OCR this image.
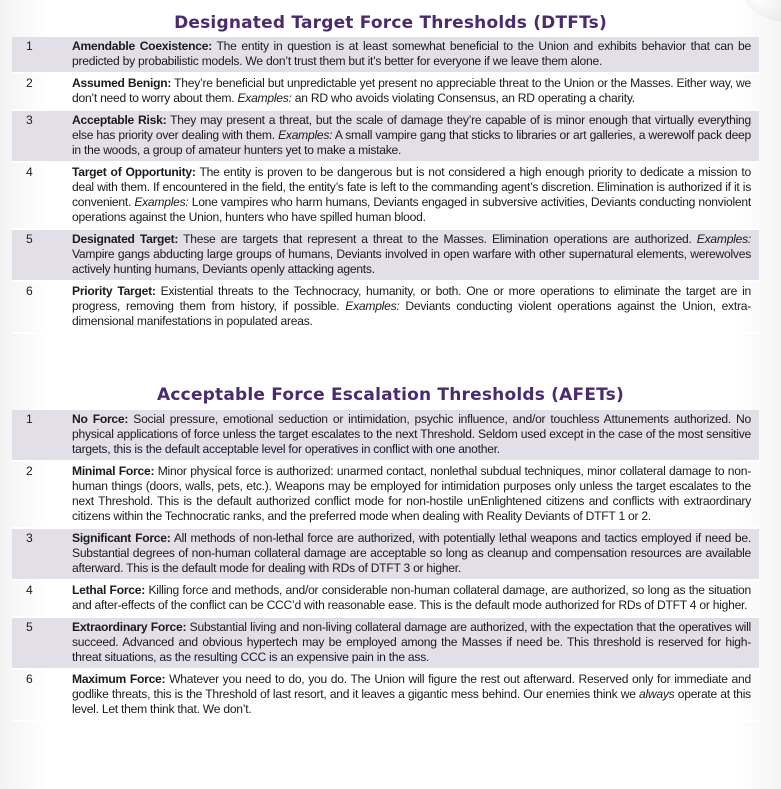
Designated Target Force Thresholds (DTFTs)
1	Amendable Coexistence: The entity in question is at least somewhat beneficial to the Union and exhibits behavior that can be predicted by probabilistic models. We don’t trust them but it’s better for everyone if we leave them alone.
2	Assumed Benign: They’re beneficial but unpredictable yet present no appreciable threat to the Union or the Masses. Either way, we don’t need to worry about them. Examples: an RD who avoids violating Consensus, an RD operating a charity.
3	Acceptable Risk: They may present a threat, but the scale of damage they’re capable of is minor enough that virtually everything else has priority over dealing with them. Examples: A small vampire gang that sticks to libraries or art galleries, a werewolf pack deep in the woods, a group of amateur hunters yet to make a mistake.
4	Target of Opportunity: The entity is proven to be dangerous but is not considered a high enough priority to dedicate a mission to deal with them. If encountered in the field, the entity’s fate is left to the commanding agent’s discretion. Elimination is authorized if it is convenient. Examples: Lone vampires who harm humans, Deviants engaged in subversive activities, Deviants conducting nonviolent operations against the Union, hunters who have spilled human blood.
5	Designated Target: These are targets that represent a threat to the Masses. Elimination operations are authorized. Examples: Vampire gangs abducting large groups of humans, Deviants involved in open warfare with other supernatural elements, werewolves actively hunting humans, Deviants openly attacking agents.
6	Priority Target: Existential threats to the Technocracy, humanity, or both. One or more operations to eliminate the target are in progress, removing them from history, if possible. Examples: Deviants conducting violent operations against the Union, extra-dimensional manifestations in populated areas.
Acceptable Force Escalation Thresholds (AFETs)
1	No Force: Social pressure, emotional seduction or intimidation, psychic influence, and/or touchless Attunements authorized. No physical applications of force unless the target escalates to the next Threshold. Seldom used except in the case of the most sensitive targets, this is the default acceptable level for operatives in conflict with one another.
2	Minimal Force: Minor physical force is authorized: unarmed contact, nonlethal subdual techniques, minor collateral damage to non-human things (doors, walls, pets, etc.). Weapons may be employed for intimidation purposes only unless the target escalates to the next Threshold. This is the default authorized conflict mode for non-hostile unEnlightened citizens and conflicts with extraordinary citizens within the Technocratic ranks, and the preferred mode when dealing with Reality Deviants of DTFT 1 or 2.
3	Significant Force: All methods of non-lethal force are authorized, with potentially lethal weapons and tactics employed if need be. Substantial degrees of non-human collateral damage are acceptable so long as cleanup and compensation resources are available afterward. This is the default mode for dealing with RDs of DTFT 3 or higher.
4	Lethal Force: Killing force and methods, and/or considerable non-human collateral damage, are authorized, so long as the situation and after-effects of the conflict can be CCC’d with reasonable ease. This is the default mode authorized for RDs of DTFT 4 or higher.
5	Extraordinary Force: Substantial living and non-living collateral damage are authorized, with the expectation that the operatives will succeed. Advanced and obvious hypertech may be employed among the Masses if need be. This threshold is reserved for high-threat situations, as the resulting CCC is an expensive pain in the ass.
6	Maximum Force: Whatever you need to do, you do. The Union will figure the rest out afterward. Reserved only for immediate and godlike threats, this is the Threshold of last resort, and it leaves a gigantic mess behind. Our enemies think we always operate at this level. Let them think that. We don’t.
